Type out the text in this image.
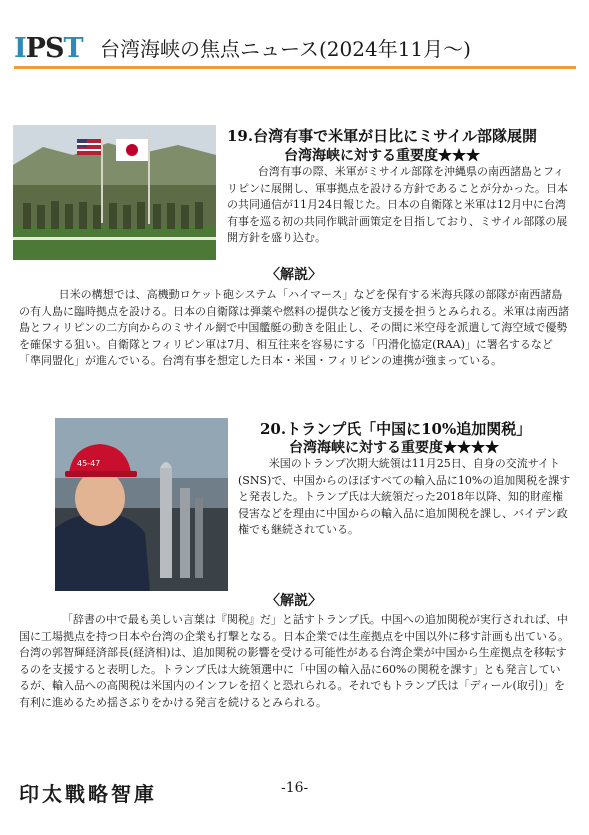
IPST 台湾海峡の焦点ニュース(2024年11月〜)
19.台湾有事で米軍が日比にミサイル部隊展開
台湾海峡に対する重要度★★★
台湾有事の際、米軍がミサイル部隊を沖縄県の南西諸島とフィリピンに展開し、軍事拠点を設ける方針であることが分かった。日本の共同通信が11月24日報じた。日本の自衛隊と米軍は12月中に台湾有事を巡る初の共同作戦計画策定を目指しており、ミサイル部隊の展開方針を盛り込む。
〈解説〉
日米の構想では、高機動ロケット砲システム「ハイマース」などを保有する米海兵隊の部隊が南西諸島の有人島に臨時拠点を設ける。日本の自衛隊は弾薬や燃料の提供など後方支援を担うとみられる。米軍は南西諸島とフィリピンの二方向からのミサイル網で中国艦艇の動きを阻止し、その間に米空母を派遣して海空域で優勢を確保する狙い。自衛隊とフィリピン軍は7月、相互往来を容易にする「円滑化協定(RAA)」に署名するなど「準同盟化」が進んでいる。台湾有事を想定した日本・米国・フィリピンの連携が強まっている。
45-47
20.トランプ氏「中国に10%追加関税」
台湾海峡に対する重要度★★★★
米国のトランプ次期大統領は11月25日、自身の交流サイト(SNS)で、中国からのほぼすべての輸入品に10%の追加関税を課すと発表した。トランプ氏は大統領だった2018年以降、知的財産権侵害などを理由に中国からの輸入品に追加関税を課し、バイデン政権でも継続されている。
〈解説〉
「辞書の中で最も美しい言葉は『関税』だ」と話すトランプ氏。中国への追加関税が実行されれば、中国に工場拠点を持つ日本や台湾の企業も打撃となる。日本企業では生産拠点を中国以外に移す計画も出ている。台湾の郭智輝経済部長(経済相)は、追加関税の影響を受ける可能性がある台湾企業が中国から生産拠点を移転するのを支援すると表明した。トランプ氏は大統領選中に「中国の輸入品に60%の関税を課す」とも発言しているが、輸入品への高関税は米国内のインフレを招くと恐れられる。それでもトランプ氏は「ディール(取引)」を有利に進めるため揺さぶりをかける発言を続けるとみられる。
印太戰略智庫	-16-
